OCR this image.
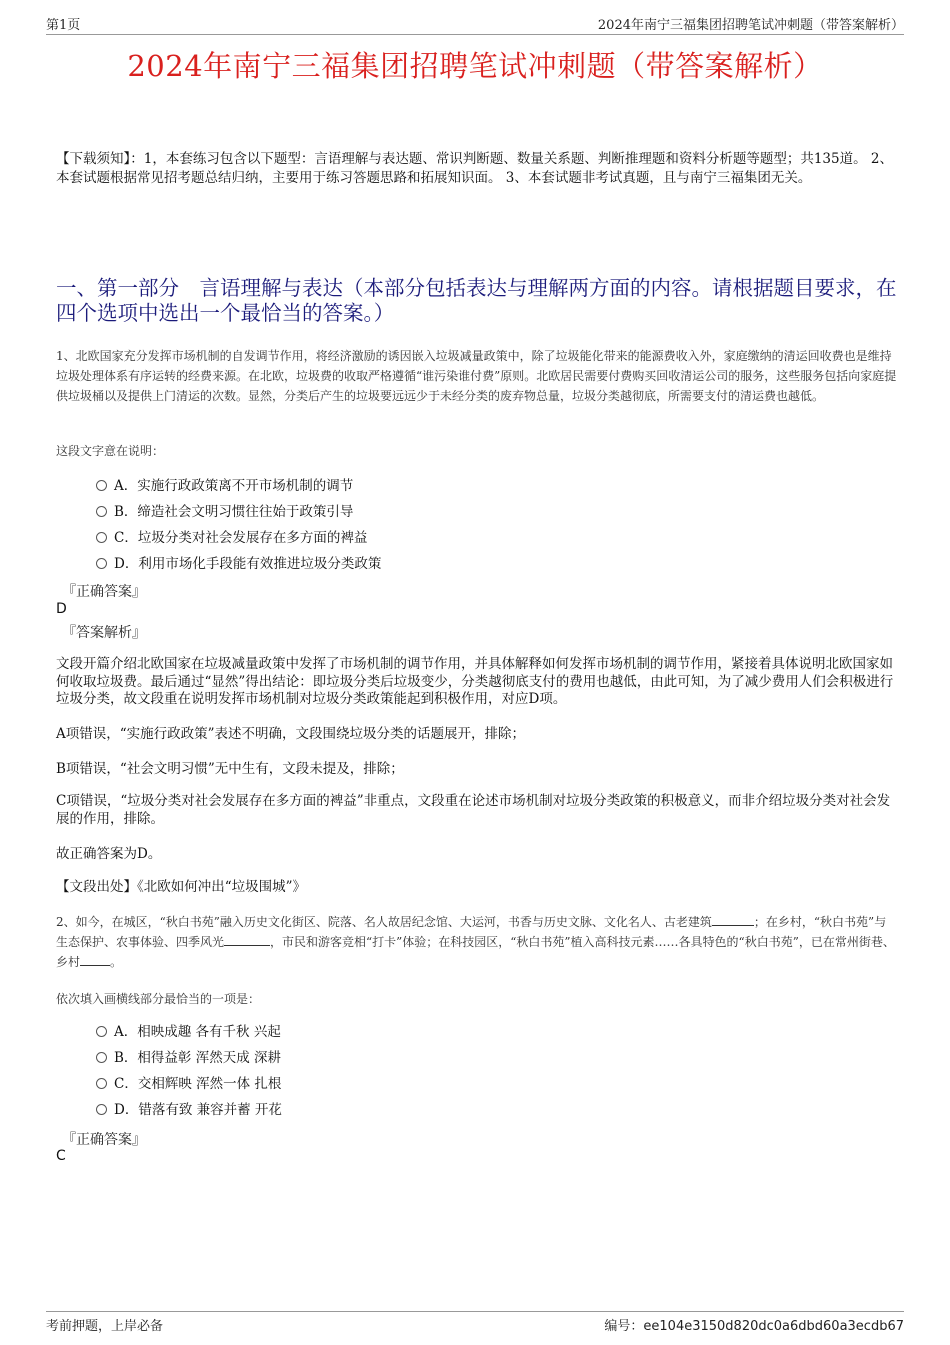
第1页	2024年南宁三福集团招聘笔试冲刺题（带答案解析）
2024年南宁三福集团招聘笔试冲刺题（带答案解析）
【下载须知】：1，本套练习包含以下题型：言语理解与表达题、常识判断题、数量关系题、判断推理题和资料分析题等题型；共135道。 2、本套试题根据常见招考题总结归纳，主要用于练习答题思路和拓展知识面。 3、本套试题非考试真题，且与南宁三福集团无关。
一、第一部分　言语理解与表达（本部分包括表达与理解两方面的内容。请根据题目要求，在四个选项中选出一个最恰当的答案。）
1、北欧国家充分发挥市场机制的自发调节作用，将经济激励的诱因嵌入垃圾减量政策中，除了垃圾能化带来的能源费收入外，家庭缴纳的清运回收费也是维持垃圾处理体系有序运转的经费来源。在北欧，垃圾费的收取严格遵循“谁污染谁付费”原则。北欧居民需要付费购买回收清运公司的服务，这些服务包括向家庭提供垃圾桶以及提供上门清运的次数。显然，分类后产生的垃圾要远远少于未经分类的废弃物总量，垃圾分类越彻底，所需要支付的清运费也越低。
这段文字意在说明：
A．实施行政政策离不开市场机制的调节
B．缔造社会文明习惯往往始于政策引导
C．垃圾分类对社会发展存在多方面的裨益
D．利用市场化手段能有效推进垃圾分类政策
『正确答案』
D
『答案解析』
文段开篇介绍北欧国家在垃圾减量政策中发挥了市场机制的调节作用，并具体解释如何发挥市场机制的调节作用，紧接着具体说明北欧国家如何收取垃圾费。最后通过“显然”得出结论：即垃圾分类后垃圾变少，分类越彻底支付的费用也越低，由此可知，为了减少费用人们会积极进行垃圾分类，故文段重在说明发挥市场机制对垃圾分类政策能起到积极作用，对应D项。
A项错误，“实施行政政策”表述不明确，文段围绕垃圾分类的话题展开，排除；
B项错误，“社会文明习惯”无中生有，文段未提及，排除；
C项错误，“垃圾分类对社会发展存在多方面的裨益”非重点，文段重在论述市场机制对垃圾分类政策的积极意义，而非介绍垃圾分类对社会发展的作用，排除。
故正确答案为D。
【文段出处】《北欧如何冲出“垃圾围城”》
2、如今，在城区，“秋白书苑”融入历史文化街区、院落、名人故居纪念馆、大运河，书香与历史文脉、文化名人、古老建筑	；在乡村，“秋白书苑”与生态保护、农事体验、四季风光	，市民和游客竞相“打卡”体验；在科技园区，“秋白书苑”植入高科技元素……各具特色的“秋白书苑”，已在常州街巷、乡村	。
依次填入画横线部分最恰当的一项是：
A．相映成趣 各有千秋 兴起
B．相得益彰 浑然天成 深耕
C．交相辉映 浑然一体 扎根
D．错落有致 兼容并蓄 开花
『正确答案』
C
考前押题，上岸必备	编号：ee104e3150d820dc0a6dbd60a3ecdb67
